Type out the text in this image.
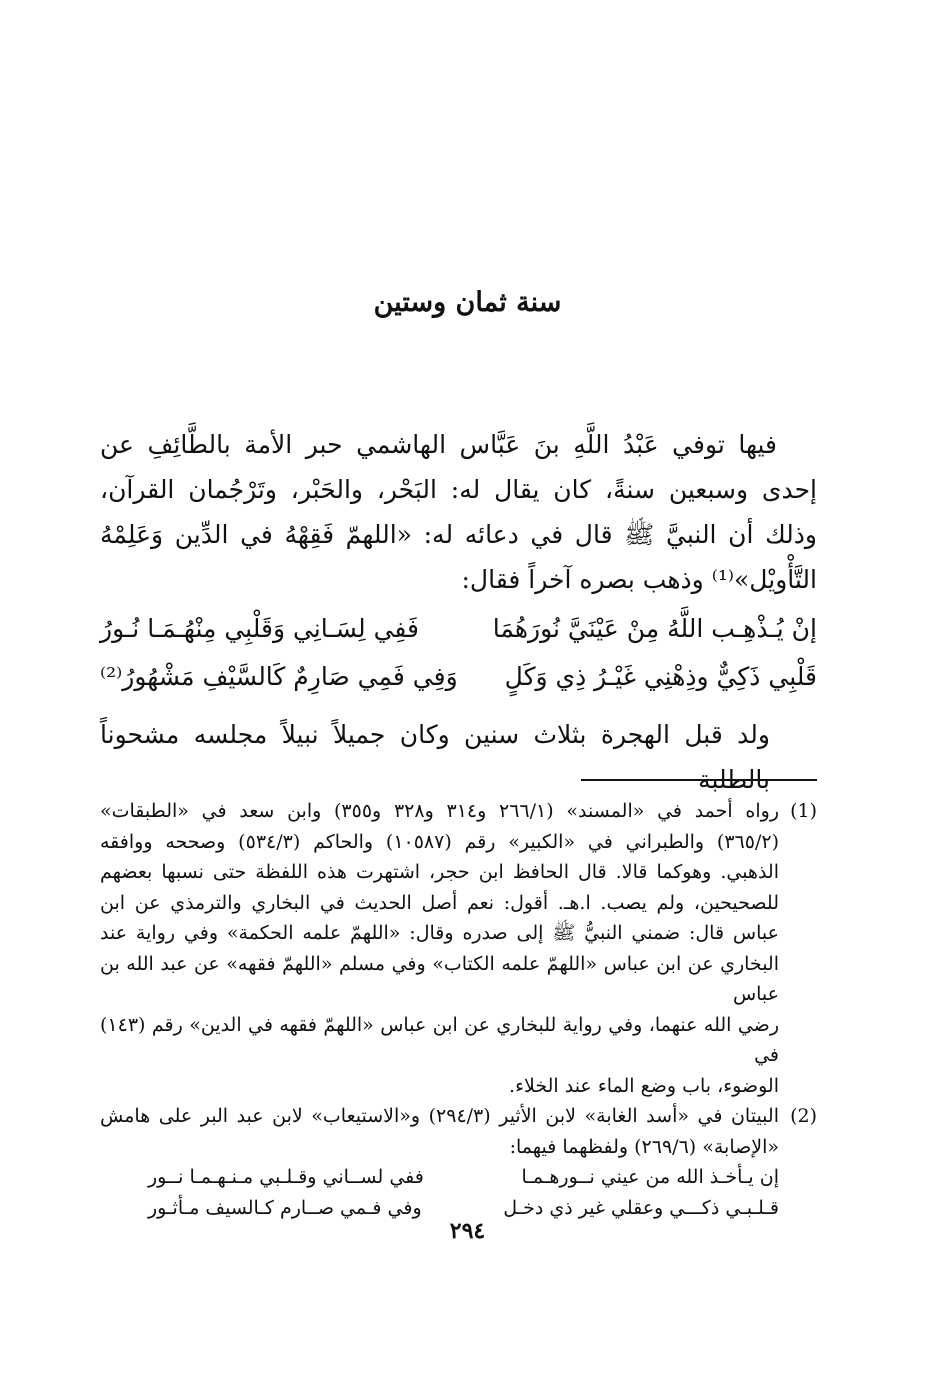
سنة ثمان وستين

فيها توفي عَبْدُ اللَّهِ بنَ عَبَّاس الهاشمي حبر الأمة بالطَّائِفِ عن إحدى وسبعين سنةً، كان يقال له: البَحْر، والحَبْر، وتَرْجُمان القرآن، وذلك أن النبيَّ ﷺ قال في دعائه له: «اللهمّ فَقِهْهُ في الدِّين وَعَلِمْهُ التَّأْويْل»⁽¹⁾ وذهب بصره آخراً فقال:

إنْ يُـذْهِـب اللَّهُ مِنْ عَيْنَيَّ نُورَهُمَا
فَفِي لِسَـانِي وَقَلْبِي مِنْهُـمَـا نُـورُ
قَلْبِي ذَكِيٌّ وذِهْنِي غَيْـرُ ذِي وَكَلٍ
وَفِي فَمِي صَارِمٌ كَالسَّيْفِ مَشْهُورُ⁽²⁾
ولد قبل الهجرة بثلاث سنين وكان جميلاً نبيلاً مجلسه مشحوناً بالطلبة
(1)
رواه أحمد في «المسند» (٢٦٦/١ و٣١٤ و٣٢٨ و٣٥٥) وابن سعد في «الطبقات»
(٣٦٥/٢) والطبراني في «الكبير» رقم (١٠٥٨٧) والحاكم (٥٣٤/٣) وصححه ووافقه
الذهبي. وهوكما قالا. قال الحافظ ابن حجر، اشتهرت هذه اللفظة حتى نسبها بعضهم
للصحيحين، ولم يصب. ا.هـ. أقول: نعم أصل الحديث في البخاري والترمذي عن ابن
عباس قال: ضمني النبيُّ ﷺ إلى صدره وقال: «اللهمّ علمه الحكمة» وفي رواية عند
البخاري عن ابن عباس «اللهمّ علمه الكتاب» وفي مسلم «اللهمّ فقهه» عن عبد الله بن عباس
رضي الله عنهما، وفي رواية للبخاري عن ابن عباس «اللهمّ فقهه في الدين» رقم (١٤٣) في
الوضوء، باب وضع الماء عند الخلاء.
(2)
البيتان في «أسد الغابة» لابن الأثير (٢٩٤/٣) و«الاستيعاب» لابن عبد البر على هامش
«الإصابة» (٢٦٩/٦) ولفظهما فيهما:
إن يـأخـذ الله من عيني نــورهـمـا
ففي لســاني وقـلـبي مـنـهـمـا نــور
قـلـبـي ذكـــي وعقلي غير ذي دخـل
وفي فـمي صــارم كـالسيف مـأثـور
٢٩٤
